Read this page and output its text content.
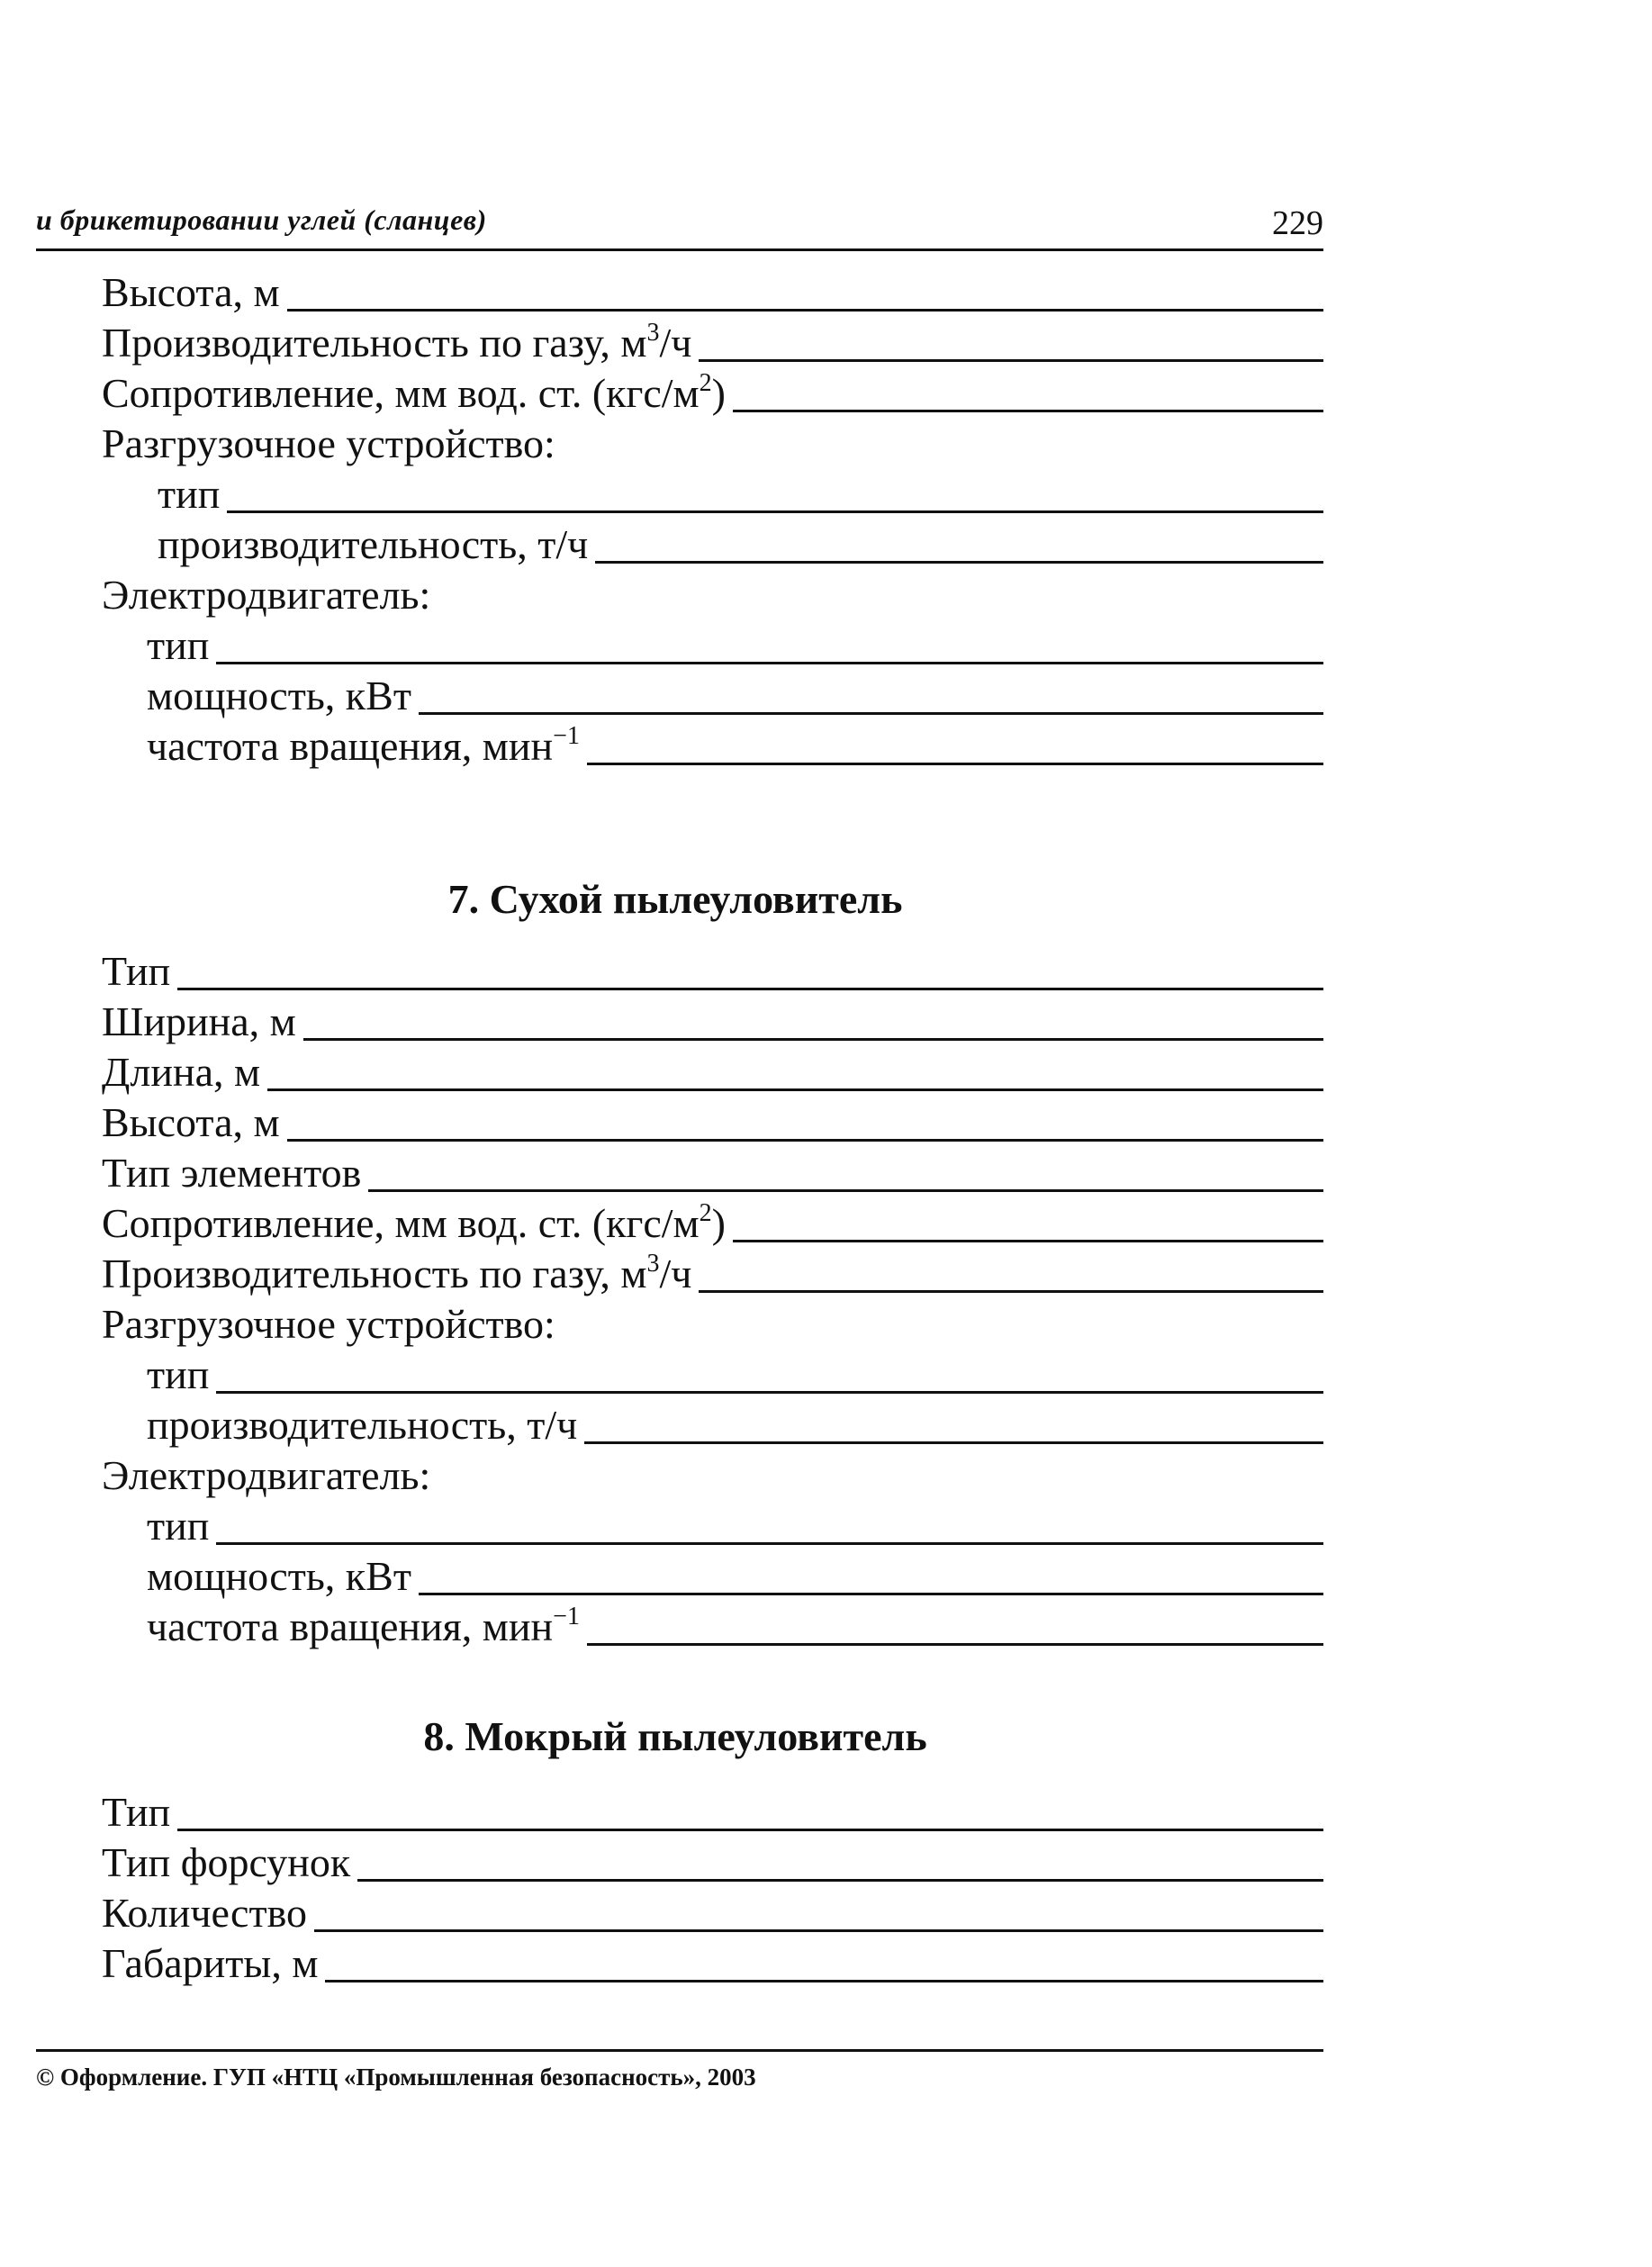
и брикетировании углей (сланцев)	229
Высота, м
Производительность по газу, $м^3/ч$
Сопротивление, мм вод. ст. $(кгс/м^2)$
Разгрузочное устройство:
тип
производительность, т/ч
Электродвигатель:
тип
мощность, кВт
частота вращения, мин$^{-1}$
7. Сухой пылеуловитель
Тип
Ширина, м
Длина, м
Высота, м
Тип элементов
Сопротивление, мм вод. ст. $(кгс/м^2)$
Производительность по газу, $м^3/ч$
Разгрузочное устройство:
тип
производительность, т/ч
Электродвигатель:
тип
мощность, кВт
частота вращения, мин$^{-1}$
8. Мокрый пылеуловитель
Тип
Тип форсунок
Количество
Габариты, м
© Оформление. ГУП «НТЦ «Промышленная безопасность», 2003
